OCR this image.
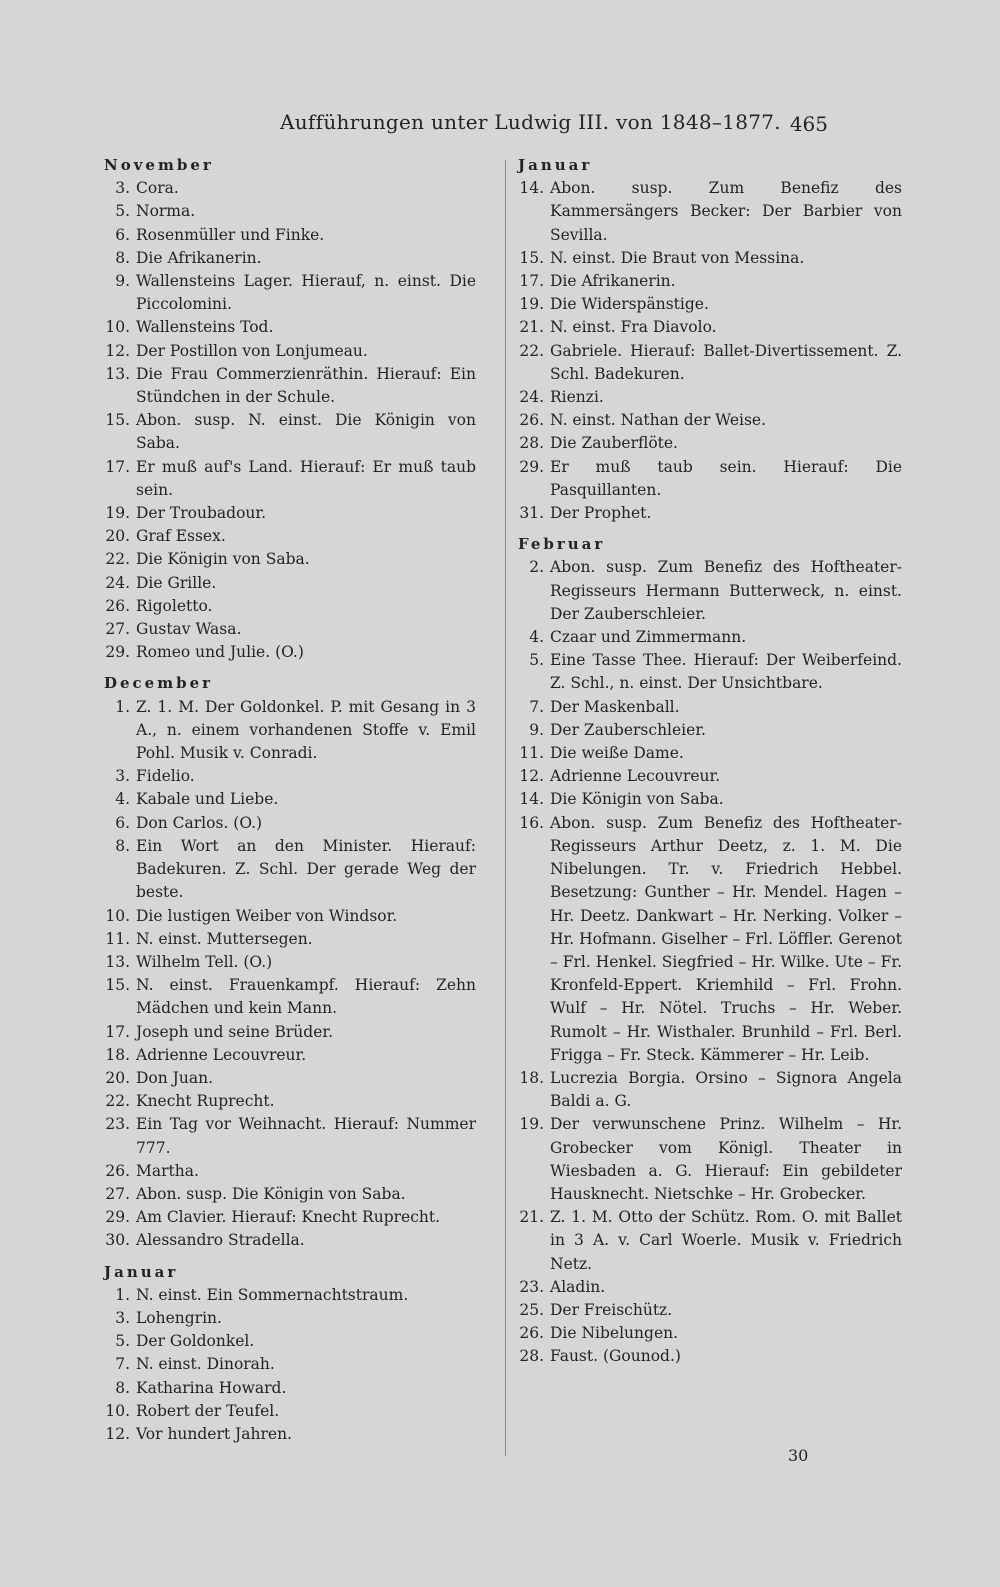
Aufführungen unter Ludwig III. von 1848–1877. 465
November
3. Cora.
5. Norma.
6. Rosenmüller und Finke.
8. Die Afrikanerin.
9. Wallensteins Lager. Hierauf, n. einst. Die Piccolomini.
10. Wallensteins Tod.
12. Der Postillon von Lonjumeau.
13. Die Frau Commerzienräthin. Hierauf: Ein Stündchen in der Schule.
15. Abon. susp. N. einst. Die Königin von Saba.
17. Er muß auf's Land. Hierauf: Er muß taub sein.
19. Der Troubadour.
20. Graf Essex.
22. Die Königin von Saba.
24. Die Grille.
26. Rigoletto.
27. Gustav Wasa.
29. Romeo und Julie. (O.)
December
1. Z. 1. M. Der Goldonkel. P. mit Gesang in 3 A., n. einem vorhandenen Stoffe v. Emil Pohl. Musik v. Conradi.
3. Fidelio.
4. Kabale und Liebe.
6. Don Carlos. (O.)
8. Ein Wort an den Minister. Hierauf: Badekuren. Z. Schl. Der gerade Weg der beste.
10. Die lustigen Weiber von Windsor.
11. N. einst. Muttersegen.
13. Wilhelm Tell. (O.)
15. N. einst. Frauenkampf. Hierauf: Zehn Mädchen und kein Mann.
17. Joseph und seine Brüder.
18. Adrienne Lecouvreur.
20. Don Juan.
22. Knecht Ruprecht.
23. Ein Tag vor Weihnacht. Hierauf: Nummer 777.
26. Martha.
27. Abon. susp. Die Königin von Saba.
29. Am Clavier. Hierauf: Knecht Ruprecht.
30. Alessandro Stradella.
Januar
1. N. einst. Ein Sommernachtstraum.
3. Lohengrin.
5. Der Goldonkel.
7. N. einst. Dinorah.
8. Katharina Howard.
10. Robert der Teufel.
12. Vor hundert Jahren.
Januar
14. Abon. susp. Zum Benefiz des Kammersängers Becker: Der Barbier von Sevilla.
15. N. einst. Die Braut von Messina.
17. Die Afrikanerin.
19. Die Widerspänstige.
21. N. einst. Fra Diavolo.
22. Gabriele. Hierauf: Ballet-Divertissement. Z. Schl. Badekuren.
24. Rienzi.
26. N. einst. Nathan der Weise.
28. Die Zauberflöte.
29. Er muß taub sein. Hierauf: Die Pasquillanten.
31. Der Prophet.
Februar
2. Abon. susp. Zum Benefiz des Hoftheater-Regisseurs Hermann Butterweck, n. einst. Der Zauberschleier.
4. Czaar und Zimmermann.
5. Eine Tasse Thee. Hierauf: Der Weiberfeind. Z. Schl., n. einst. Der Unsichtbare.
7. Der Maskenball.
9. Der Zauberschleier.
11. Die weiße Dame.
12. Adrienne Lecouvreur.
14. Die Königin von Saba.
16. Abon. susp. Zum Benefiz des Hoftheater-Regisseurs Arthur Deetz, z. 1. M. Die Nibelungen. Tr. v. Friedrich Hebbel. Besetzung: Gunther – Hr. Mendel. Hagen – Hr. Deetz. Dankwart – Hr. Nerking. Volker – Hr. Hofmann. Giselher – Frl. Löffler. Gerenot – Frl. Henkel. Siegfried – Hr. Wilke. Ute – Fr. Kronfeld-Eppert. Kriemhild – Frl. Frohn. Wulf – Hr. Nötel. Truchs – Hr. Weber. Rumolt – Hr. Wisthaler. Brunhild – Frl. Berl. Frigga – Fr. Steck. Kämmerer – Hr. Leib.
18. Lucrezia Borgia. Orsino – Signora Angela Baldi a. G.
19. Der verwunschene Prinz. Wilhelm – Hr. Grobecker vom Königl. Theater in Wiesbaden a. G. Hierauf: Ein gebildeter Hausknecht. Nietschke – Hr. Grobecker.
21. Z. 1. M. Otto der Schütz. Rom. O. mit Ballet in 3 A. v. Carl Woerle. Musik v. Friedrich Netz.
23. Aladin.
25. Der Freischütz.
26. Die Nibelungen.
28. Faust. (Gounod.)
30
